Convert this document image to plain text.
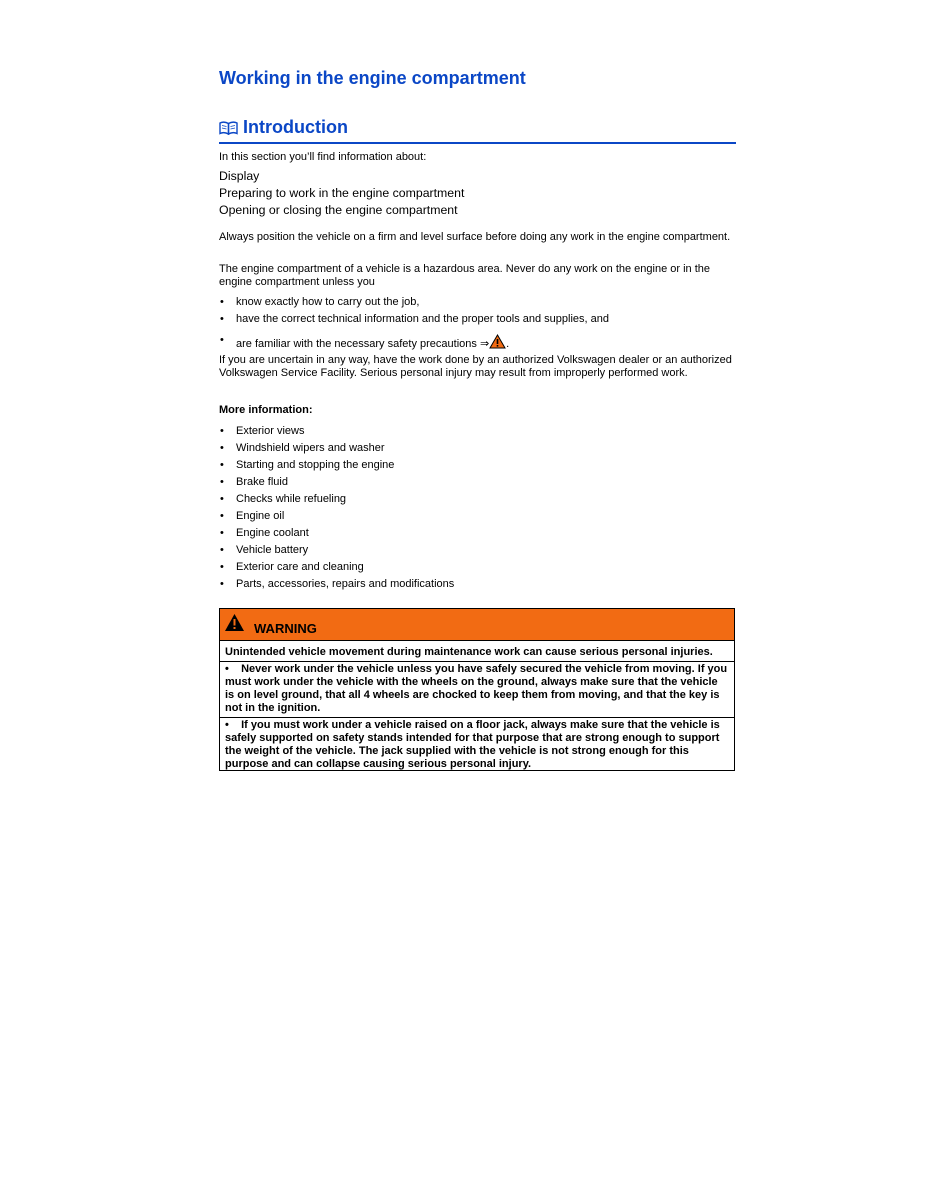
Working in the engine compartment
Introduction
In this section you’ll find information about:
Display
Preparing to work in the engine compartment
Opening or closing the engine compartment

Always position the vehicle on a firm and level surface before doing any work in the engine compartment.

The engine compartment of a vehicle is a hazardous area. Never do any work on the engine or in the engine compartment unless you

• know exactly how to carry out the job,
• have the correct technical information and the proper tools and supplies, and
• are familiar with the necessary safety precautions ⇒ .

If you are uncertain in any way, have the work done by an authorized Volkswagen dealer or an authorized Volkswagen Service Facility. Serious personal injury may result from improperly performed work.

More information:
• Exterior views
• Windshield wipers and washer
• Starting and stopping the engine
• Brake fluid
• Checks while refueling
• Engine oil
• Engine coolant
• Vehicle battery
• Exterior care and cleaning
• Parts, accessories, repairs and modifications
WARNING

Unintended vehicle movement during maintenance work can cause serious personal injuries.

• Never work under the vehicle unless you have safely secured the vehicle from moving. If you must work under the vehicle with the wheels on the ground, always make sure that the vehicle is on level ground, that all 4 wheels are chocked to keep them from moving, and that the key is not in the ignition.

• If you must work under a vehicle raised on a floor jack, always make sure that the vehicle is safely supported on safety stands intended for that purpose that are strong enough to support the weight of the vehicle. The jack supplied with the vehicle is not strong enough for this purpose and can collapse causing serious personal injury.
